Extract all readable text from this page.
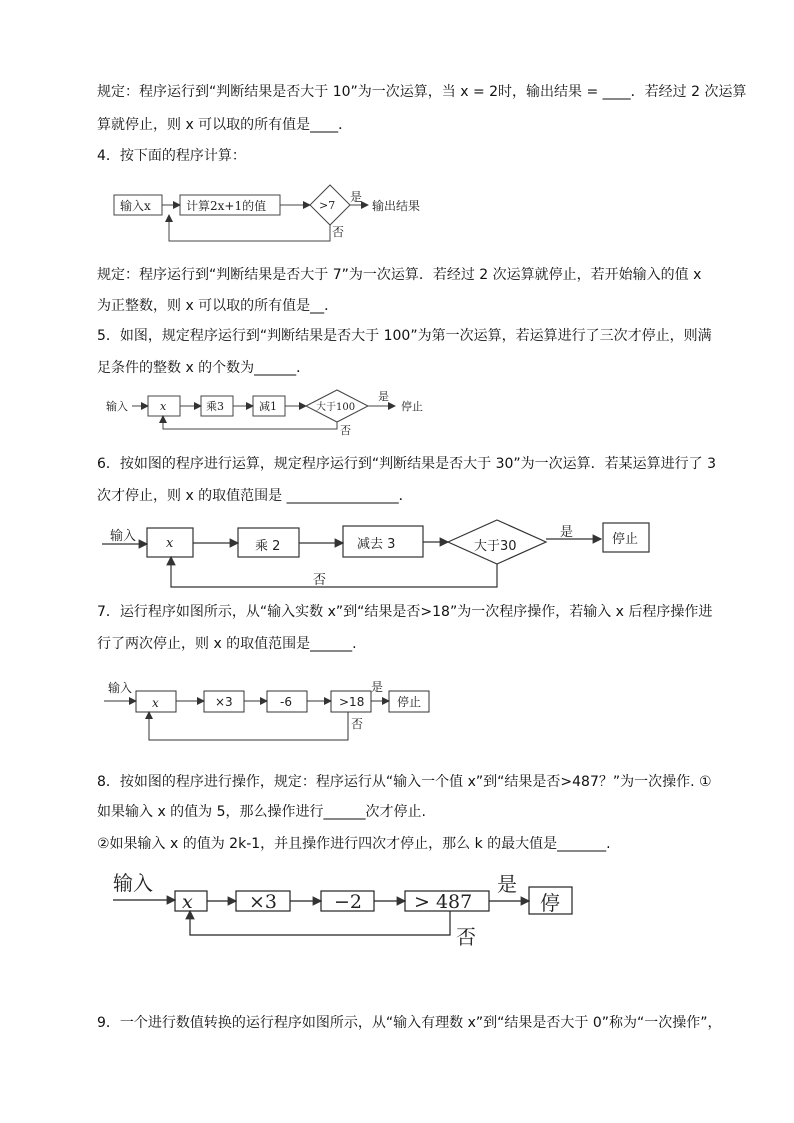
规定：程序运行到“判断结果是否大于 10”为一次运算，当 x = 2时，输出结果 = ____．若经过 2 次运算
算就停止，则 x 可以取的所有值是____．
4．按下面的程序计算：
输入x	计算2x+1的值	>7
是
输出结果
否
输入	x	乘3	减1	大于100
是
停止
否
输入 x	乘 2	减去 3	大于30
是	停止
否
输入
x	×3	-6	>18
是
停止
否
输入
x	×3	−2	> 487
是
停
否
规定：程序运行到“判断结果是否大于 7”为一次运算．若经过 2 次运算就停止，若开始输入的值 x
为正整数，则 x 可以取的所有值是__．
5．如图，规定程序运行到“判断结果是否大于 100”为第一次运算，若运算进行了三次才停止，则满
足条件的整数 x 的个数为______．
6．按如图的程序进行运算，规定程序运行到“判断结果是否大于 30”为一次运算．若某运算进行了 3
次才停止，则 x 的取值范围是 ________________．
7．运行程序如图所示，从“输入实数 x”到“结果是否>18”为一次程序操作，若输入 x 后程序操作进
行了两次停止，则 x 的取值范围是______.
8．按如图的程序进行操作，规定：程序运行从“输入一个值 x”到“结果是否>487？”为一次操作. ①
如果输入 x 的值为 5，那么操作进行______次才停止.
②如果输入 x 的值为 2k-1，并且操作进行四次才停止，那么 k 的最大值是_______.
9．一个进行数值转换的运行程序如图所示，从“输入有理数 x”到“结果是否大于 0”称为“一次操作”，
